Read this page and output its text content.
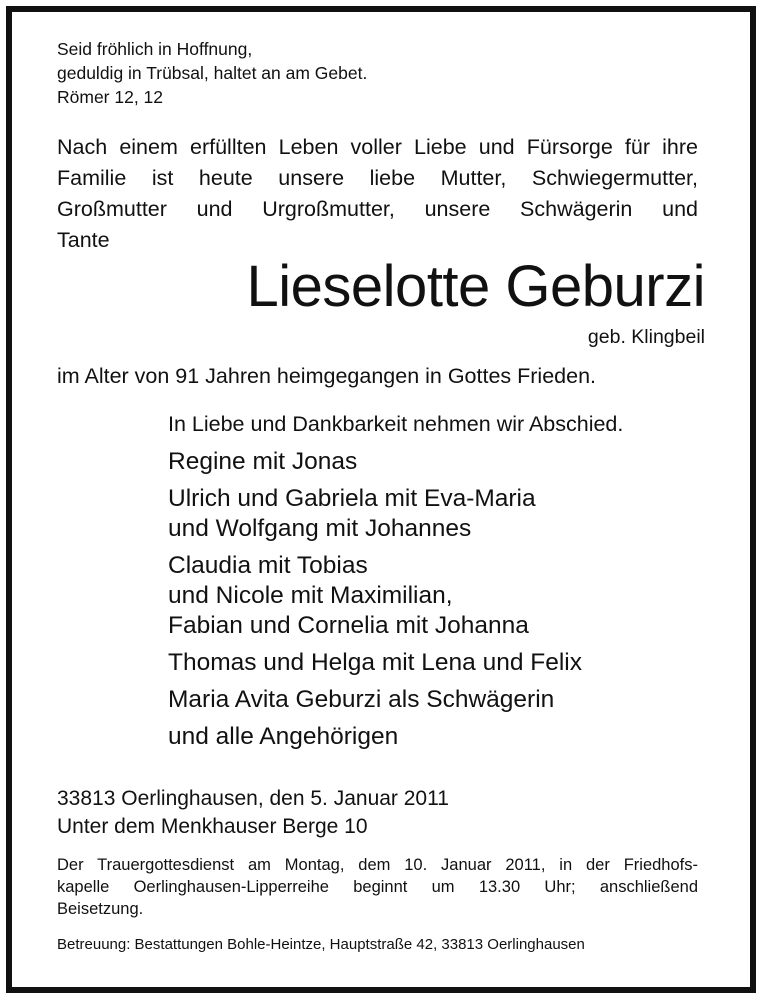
Seid fröhlich in Hoffnung,
geduldig in Trübsal, haltet an am Gebet.
Römer 12, 12
Nach einem erfüllten Leben voller Liebe und Fürsorge für ihre
Familie ist heute unsere liebe Mutter, Schwiegermutter,
Großmutter und Urgroßmutter, unsere Schwägerin und
Tante
Lieselotte Geburzi
geb. Klingbeil
im Alter von 91 Jahren heimgegangen in Gottes Frieden.
In Liebe und Dankbarkeit nehmen wir Abschied.
Regine mit Jonas
Ulrich und Gabriela mit Eva-Maria
und Wolfgang mit Johannes
Claudia mit Tobias
und Nicole mit Maximilian,
Fabian und Cornelia mit Johanna
Thomas und Helga mit Lena und Felix
Maria Avita Geburzi als Schwägerin
und alle Angehörigen
33813 Oerlinghausen, den 5. Januar 2011
Unter dem Menkhauser Berge 10
Der Trauergottesdienst am Montag, dem 10. Januar 2011, in der Friedhofs-
kapelle Oerlinghausen-Lipperreihe beginnt um 13.30 Uhr; anschließend
Beisetzung.
Betreuung: Bestattungen Bohle-Heintze, Hauptstraße 42, 33813 Oerlinghausen
